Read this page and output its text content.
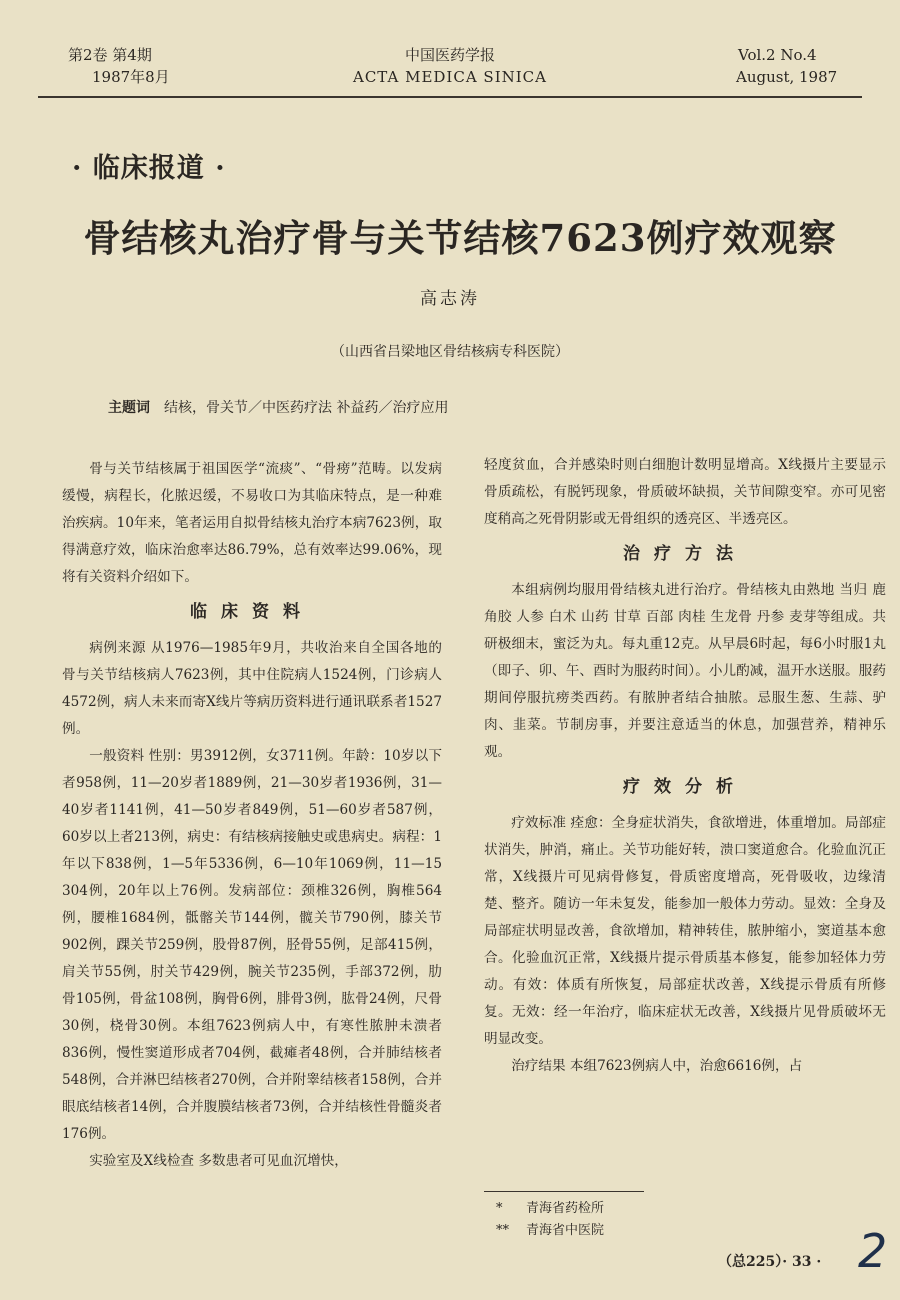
第2卷 第4期
1987年8月
中国医药学报
ACTA MEDICA SINICA
Vol.2 No.4
August, 1987
· 临床报道 ·
骨结核丸治疗骨与关节结核7623例疗效观察
高志涛
（山西省吕梁地区骨结核病专科医院）
主题词 结核，骨关节／中医药疗法 补益药／治疗应用

骨与关节结核属于祖国医学“流痰”、“骨痨”范畴。以发病缓慢，病程长，化脓迟缓，不易收口为其临床特点，是一种难治疾病。10年来，笔者运用自拟骨结核丸治疗本病7623例，取得满意疗效，临床治愈率达86.79%，总有效率达99.06%，现将有关资料介绍如下。

临床资料

病例来源 从1976—1985年9月，共收治来自全国各地的骨与关节结核病人7623例，其中住院病人1524例，门诊病人4572例，病人未来而寄X线片等病历资料进行通讯联系者1527例。

一般资料 性别：男3912例，女3711例。年龄：10岁以下者958例，11—20岁者1889例，21—30岁者1936例，31—40岁者1141例，41—50岁者849例，51—60岁者587例，60岁以上者213例，病史：有结核病接触史或患病史。病程：1年以下838例，1—5年5336例，6—10年1069例，11—15 304例，20年以上76例。发病部位：颈椎326例，胸椎564例，腰椎1684例，骶髂关节144例，髋关节790例，膝关节902例，踝关节259例，股骨87例，胫骨55例，足部415例，肩关节55例，肘关节429例，腕关节235例，手部372例，肋骨105例，骨盆108例，胸骨6例，腓骨3例，肱骨24例，尺骨30例，桡骨30例。本组7623例病人中，有寒性脓肿未溃者836例，慢性窦道形成者704例，截瘫者48例，合并肺结核者548例，合并淋巴结核者270例，合并附睾结核者158例，合并眼底结核者14例，合并腹膜结核者73例，合并结核性骨髓炎者176例。

实验室及X线检查 多数患者可见血沉增快，

轻度贫血，合并感染时则白细胞计数明显增高。X线摄片主要显示骨质疏松，有脱钙现象，骨质破坏缺损，关节间隙变窄。亦可见密度稍高之死骨阴影或无骨组织的透亮区、半透亮区。

治疗方法

本组病例均服用骨结核丸进行治疗。骨结核丸由熟地 当归 鹿角胶 人参 白术 山药 甘草 百部 肉桂 生龙骨 丹参 麦芽等组成。共研极细末，蜜泛为丸。每丸重12克。从早晨6时起，每6小时服1丸（即子、卯、午、酉时为服药时间）。小儿酌减，温开水送服。服药期间停服抗痨类西药。有脓肿者结合抽脓。忌服生葱、生蒜、驴肉、韭菜。节制房事，并要注意适当的休息，加强营养，精神乐观。

疗效分析

疗效标准 痊愈：全身症状消失，食欲增进，体重增加。局部症状消失，肿消，痛止。关节功能好转，溃口窦道愈合。化验血沉正常，X线摄片可见病骨修复，骨质密度增高，死骨吸收，边缘清楚、整齐。随访一年未复发，能参加一般体力劳动。显效：全身及局部症状明显改善，食欲增加，精神转佳，脓肿缩小，窦道基本愈合。化验血沉正常，X线摄片提示骨质基本修复，能参加轻体力劳动。有效：体质有所恢复，局部症状改善，X线提示骨质有所修复。无效：经一年治疗，临床症状无改善，X线摄片见骨质破坏无明显改变。

治疗结果 本组7623例病人中，治愈6616例，占

* 青海省药检所
** 青海省中医院
（总225）· 33 · 2
